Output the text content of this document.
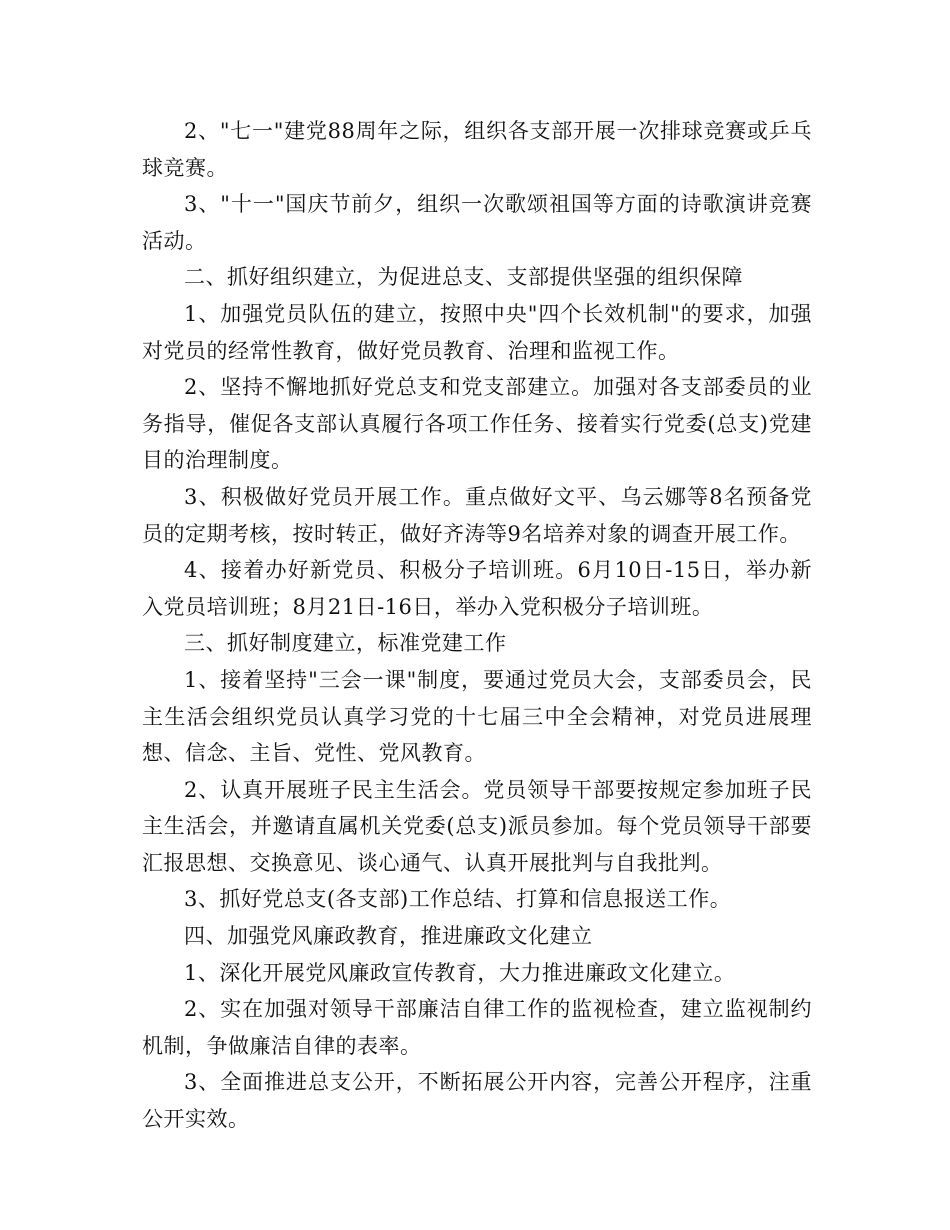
2、"七一"建党88周年之际，组织各支部开展一次排球竞赛或乒乓球竞赛。

3、"十一"国庆节前夕，组织一次歌颂祖国等方面的诗歌演讲竞赛活动。

二、抓好组织建立，为促进总支、支部提供坚强的组织保障

1、加强党员队伍的建立，按照中央"四个长效机制"的要求，加强对党员的经常性教育，做好党员教育、治理和监视工作。

2、坚持不懈地抓好党总支和党支部建立。加强对各支部委员的业务指导，催促各支部认真履行各项工作任务、接着实行党委(总支)党建目的治理制度。

3、积极做好党员开展工作。重点做好文平、乌云娜等8名预备党员的定期考核，按时转正，做好齐涛等9名培养对象的调查开展工作。

4、接着办好新党员、积极分子培训班。6月10日-15日，举办新入党员培训班；8月21日-16日，举办入党积极分子培训班。

三、抓好制度建立，标准党建工作

1、接着坚持"三会一课"制度，要通过党员大会，支部委员会，民主生活会组织党员认真学习党的十七届三中全会精神，对党员进展理想、信念、主旨、党性、党风教育。

2、认真开展班子民主生活会。党员领导干部要按规定参加班子民主生活会，并邀请直属机关党委(总支)派员参加。每个党员领导干部要汇报思想、交换意见、谈心通气、认真开展批判与自我批判。

3、抓好党总支(各支部)工作总结、打算和信息报送工作。

四、加强党风廉政教育，推进廉政文化建立

1、深化开展党风廉政宣传教育，大力推进廉政文化建立。

2、实在加强对领导干部廉洁自律工作的监视检查，建立监视制约机制，争做廉洁自律的表率。

3、全面推进总支公开，不断拓展公开内容，完善公开程序，注重公开实效。
